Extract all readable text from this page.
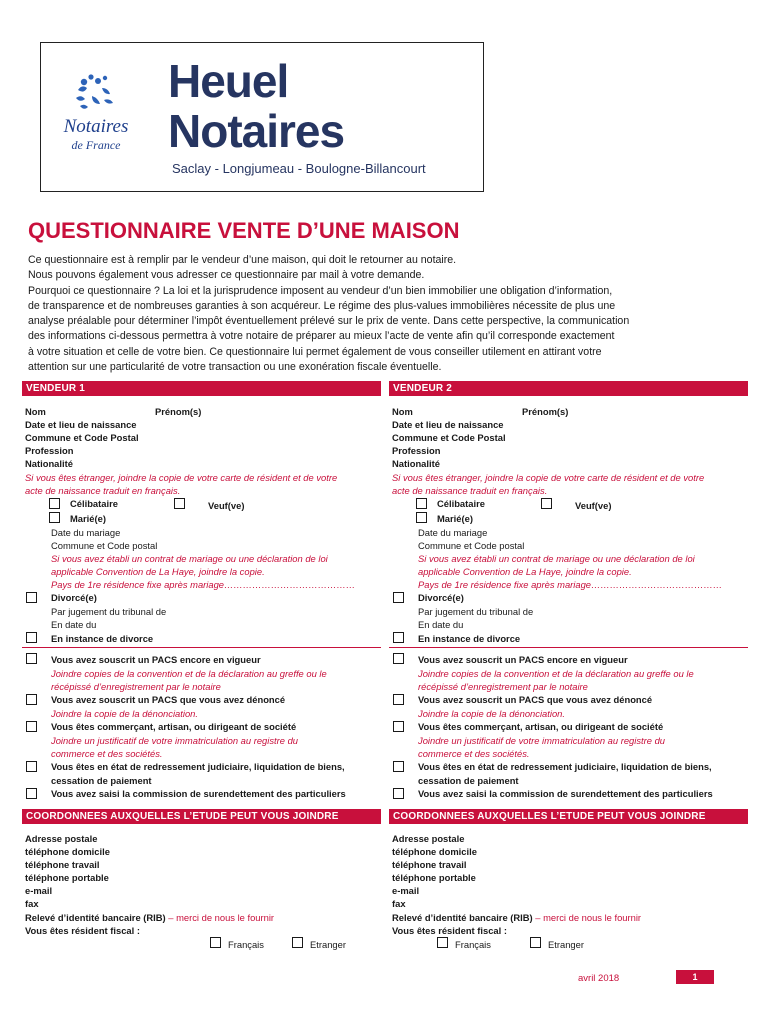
Notaires
de France
Heuel
Notaires
Saclay - Longjumeau - Boulogne-Billancourt
QUESTIONNAIRE VENTE D’UNE MAISON

Ce questionnaire est à remplir par le vendeur d’une maison, qui doit le retourner au notaire.

Nous pouvons également vous adresser ce questionnaire par mail à votre demande.

Pourquoi ce questionnaire ? La loi et la jurisprudence imposent au vendeur d’un bien immobilier une obligation d’information,

de transparence et de nombreuses garanties à son acquéreur. Le régime des plus-values immobilières nécessite de plus une

analyse préalable pour déterminer l’impôt éventuellement prélevé sur le prix de vente. Dans cette perspective, la communication

des informations ci-dessous permettra à votre notaire de préparer au mieux l’acte de vente afin qu’il corresponde exactement

à votre situation et celle de votre bien. Ce questionnaire lui permet également de vous conseiller utilement en attirant votre

attention sur une particularité de votre transaction ou une exonération fiscale éventuelle.

VENDEUR 1
Nom	Prénom(s)
Date et lieu de naissance
Commune et Code Postal
Profession
Nationalité
Si vous êtes étranger, joindre la copie de votre carte de résident et de votre
acte de naissance traduit en français.
Célibataire	Veuf(ve)
Marié(e)
Date du mariage
Commune et Code postal
Si vous avez établi un contrat de mariage ou une déclaration de loi
applicable Convention de La Haye, joindre la copie.
Pays de 1re résidence fixe après mariage……………………………………
Divorcé(e)
Par jugement du tribunal de
En date du
En instance de divorce
Vous avez souscrit un PACS encore en vigueur
Joindre copies de la convention et de la déclaration au greffe ou le
récépissé d’enregistrement par le notaire
Vous avez souscrit un PACS que vous avez dénoncé
Joindre la copie de la dénonciation.
Vous êtes commerçant, artisan, ou dirigeant de société
Joindre un justificatif de votre immatriculation au registre du
commerce et des sociétés.
Vous êtes en état de redressement judiciaire, liquidation de biens,
cessation de paiement
Vous avez saisi la commission de surendettement des particuliers
COORDONNEES AUXQUELLES L’ETUDE PEUT VOUS JOINDRE
Adresse postale
téléphone domicile
téléphone travail
téléphone portable
e-mail
fax
Relevé d’identité bancaire (RIB) – merci de nous le fournir
Vous êtes résident fiscal :
Français	Etranger
VENDEUR 2
Nom	Prénom(s)
Date et lieu de naissance
Commune et Code Postal
Profession
Nationalité
Si vous êtes étranger, joindre la copie de votre carte de résident et de votre
acte de naissance traduit en français.
Célibataire	Veuf(ve)
Marié(e)
Date du mariage
Commune et Code postal
Si vous avez établi un contrat de mariage ou une déclaration de loi
applicable Convention de La Haye, joindre la copie.
Pays de 1re résidence fixe après mariage……………………………………
Divorcé(e)
Par jugement du tribunal de
En date du
En instance de divorce
Vous avez souscrit un PACS encore en vigueur
Joindre copies de la convention et de la déclaration au greffe ou le
récépissé d’enregistrement par le notaire
Vous avez souscrit un PACS que vous avez dénoncé
Joindre la copie de la dénonciation.
Vous êtes commerçant, artisan, ou dirigeant de société
Joindre un justificatif de votre immatriculation au registre du
commerce et des sociétés.
Vous êtes en état de redressement judiciaire, liquidation de biens,
cessation de paiement
Vous avez saisi la commission de surendettement des particuliers
COORDONNEES AUXQUELLES L’ETUDE PEUT VOUS JOINDRE
Adresse postale
téléphone domicile
téléphone travail
téléphone portable
e-mail
fax
Relevé d’identité bancaire (RIB) – merci de nous le fournir
Vous êtes résident fiscal :
Français	Etranger
avril 2018	1
